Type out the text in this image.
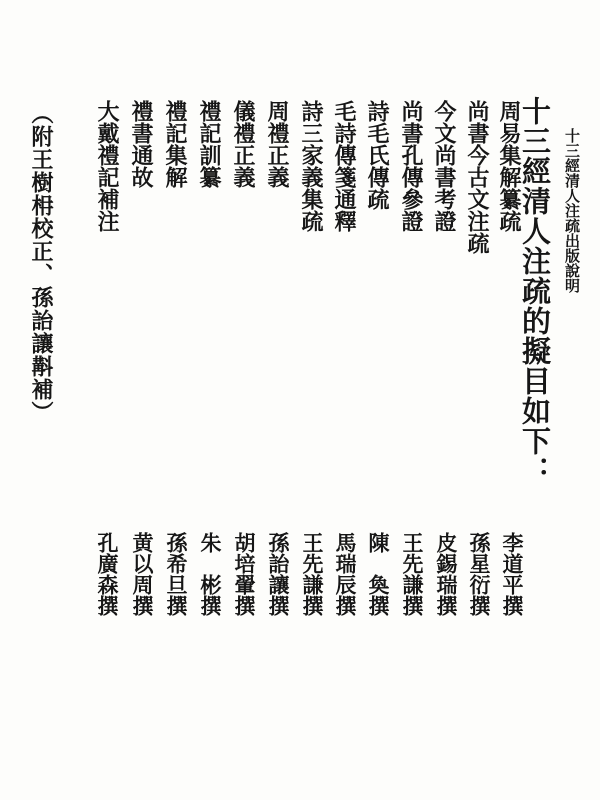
十三經清人注疏出版說明
十三經清人注疏的擬目如下：
周易集解纂疏
尚書今古文注疏
今文尚書考證
尚書孔傳參證
詩毛氏傳疏
毛詩傳箋通釋
詩三家義集疏
周禮正義
儀禮正義
禮記訓纂
禮記集解
禮書通故
大戴禮記補注
李道平撰
孫星衍撰
皮錫瑞撰
王先謙撰
陳　奐撰
馬瑞辰撰
王先謙撰
孫詒讓撰
胡培翬撰
朱　彬撰
孫希旦撰
黄以周撰
孔廣森撰
（附王樹枏校正、孫詒讓斠補）
